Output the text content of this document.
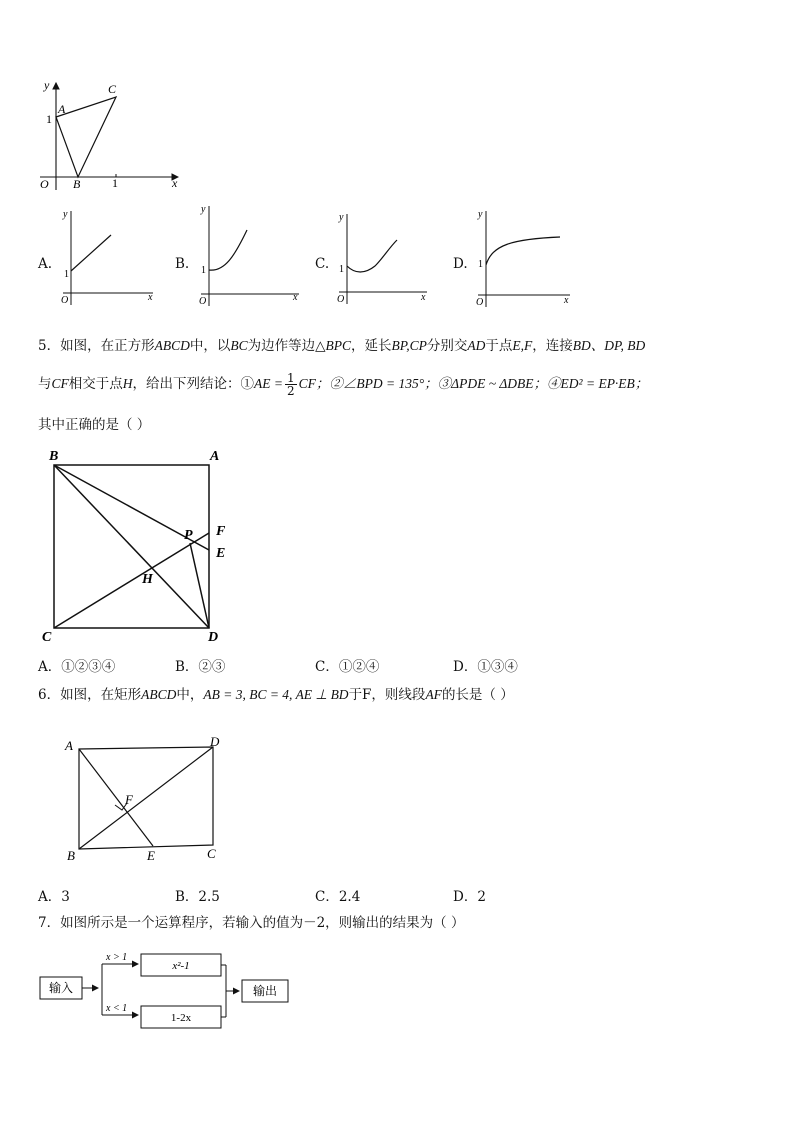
y
A
C
1
O B	1	x
A.
y
1
O	x
B.
y
1
O	x
C.
y
1
O	x
D.
y
1
O	x
5．如图，在正方形ABCD中，以BC为边作等边△BPC，延长BP,CP分别交AD于点E,F，连接BD、DP, BD
与CF相交于点H，给出下列结论：①AE = $\frac{1}{2}$ CF；②∠BPD = 135°；③ΔPDE ~ ΔDBE；④ED² = EP·EB；
其中正确的是（ ）
B	A
C	D
P F
E
H
A．①②③④	B．②③	C．①②④	D．①③④
6．如图，在矩形ABCD中，AB = 3, BC = 4, AE ⊥ BD于F，则线段AF的长是（ ）
A	D
F
B	E	C
A．3	B．2.5	C．2.4	D．2
7．如图所示是一个运算程序，若输入的值为－2，则输出的结果为（ ）
输入
x > 1
x < 1
x²-1
1-2x
输出
